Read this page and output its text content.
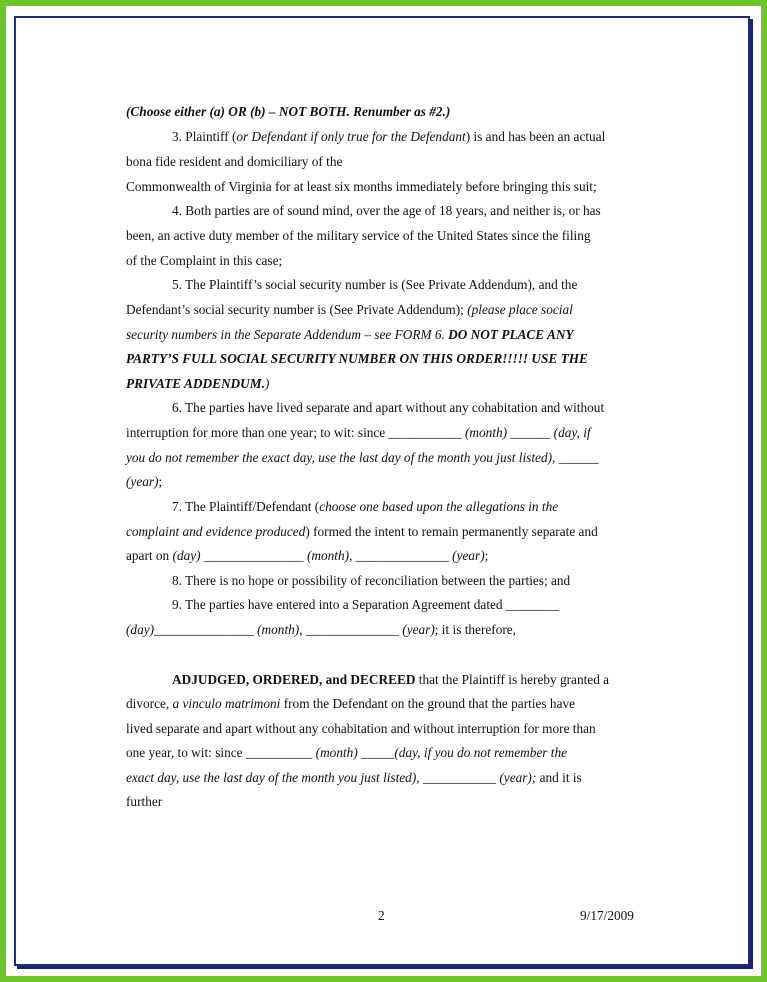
(Choose either (a) OR (b) – NOT BOTH. Renumber as #2.)
3. Plaintiff (or Defendant if only true for the Defendant) is and has been an actual
bona fide resident and domiciliary of the
Commonwealth of Virginia for at least six months immediately before bringing this suit;
4. Both parties are of sound mind, over the age of 18 years, and neither is, or has
been, an active duty member of the military service of the United States since the filing
of the Complaint in this case;
5. The Plaintiff’s social security number is (See Private Addendum), and the
Defendant’s social security number is (See Private Addendum); (please place social
security numbers in the Separate Addendum – see FORM 6. DO NOT PLACE ANY
PARTY’S FULL SOCIAL SECURITY NUMBER ON THIS ORDER!!!!! USE THE
PRIVATE ADDENDUM.)
6. The parties have lived separate and apart without any cohabitation and without
interruption for more than one year; to wit: since ___________ (month) ______ (day, if
you do not remember the exact day, use the last day of the month you just listed), ______
(year);
7. The Plaintiff/Defendant (choose one based upon the allegations in the
complaint and evidence produced) formed the intent to remain permanently separate and
apart on (day) _______________ (month), ______________ (year);
8. There is no hope or possibility of reconciliation between the parties; and
9. The parties have entered into a Separation Agreement dated ________
(day)_______________ (month), ______________ (year); it is therefore,
ADJUDGED, ORDERED, and DECREED that the Plaintiff is hereby granted a
divorce, a vinculo matrimoni from the Defendant on the ground that the parties have
lived separate and apart without any cohabitation and without interruption for more than
one year, to wit: since __________ (month) _____(day, if you do not remember the
exact day, use the last day of the month you just listed), ___________ (year); and it is
further
2	9/17/2009
